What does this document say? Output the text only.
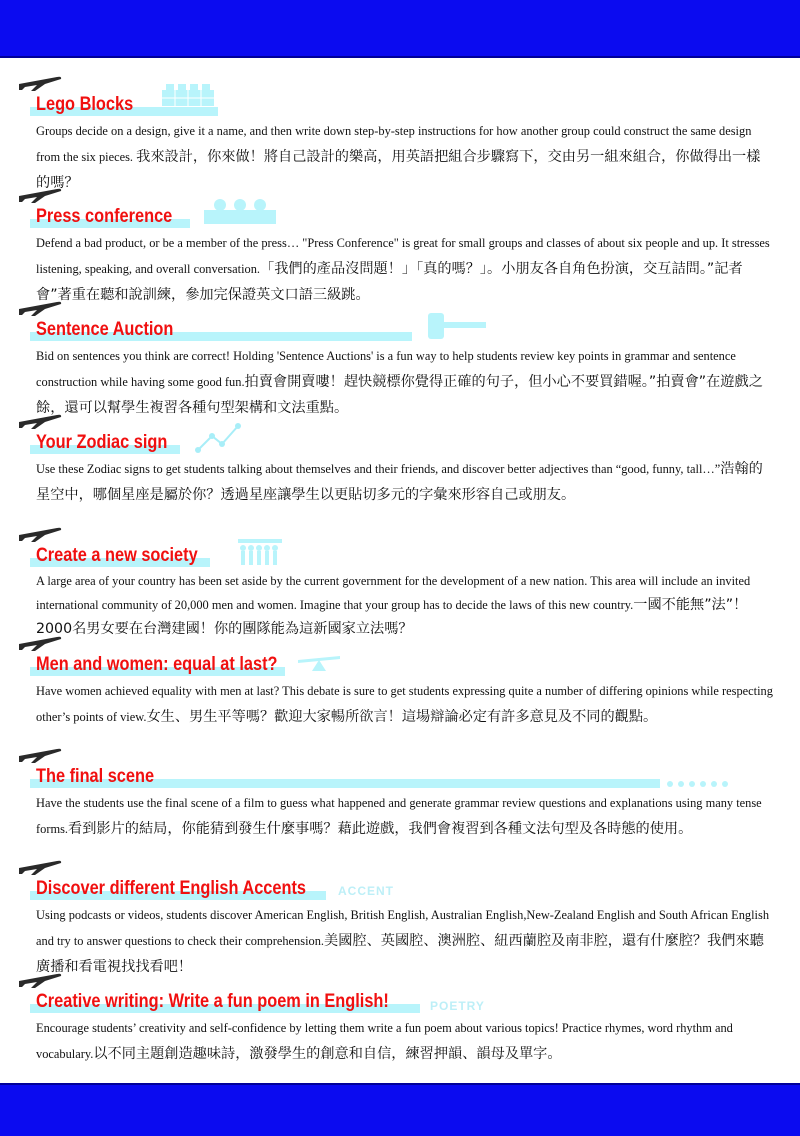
Lego Blocks
Groups decide on a design, give it a name, and then write down step-by-step instructions for how another group could construct the same design from the six pieces. 我來設計，你來做！將自己設計的樂高，用英語把組合步驟寫下，交由另一組來組合，你做得出一樣的嗎？
Press conference
Defend a bad product, or be a member of the press… "Press Conference" is great for small groups and classes of about six people and up. It stresses listening, speaking, and overall conversation.「我們的產品沒問題！」「真的嗎？」。小朋友各自角色扮演，交互詰問。”記者會”著重在聽和說訓練，參加完保證英文口語三級跳。
Sentence Auction
Bid on sentences you think are correct! Holding 'Sentence Auctions' is a fun way to help students review key points in grammar and sentence construction while having some good fun.拍賣會開賣嘍！趕快競標你覺得正確的句子，但小心不要買錯喔。”拍賣會”在遊戲之餘，還可以幫學生複習各種句型架構和文法重點。
Your Zodiac sign
Use these Zodiac signs to get students talking about themselves and their friends, and discover better adjectives than “good, funny, tall…”浩翰的星空中，哪個星座是屬於你？透過星座讓學生以更貼切多元的字彙來形容自己或朋友。
Create a new society
A large area of your country has been set aside by the current government for the development of a new nation. This area will include an invited international community of 20,000 men and women. Imagine that your group has to decide the laws of this new country.一國不能無”法”！2000名男女要在台灣建國！你的團隊能為這新國家立法嗎？
Men and women: equal at last?
Have women achieved equality with men at last? This debate is sure to get students expressing quite a number of differing opinions while respecting other’s points of view.女生、男生平等嗎？歡迎大家暢所欲言！這場辯論必定有許多意見及不同的觀點。
The final scene
Have the students use the final scene of a film to guess what happened and generate grammar review questions and explanations using many tense forms.看到影片的結局，你能猜到發生什麼事嗎？藉此遊戲，我們會複習到各種文法句型及各時態的使用。
ACCENT
Discover different English Accents
Using podcasts or videos, students discover American English, British English, Australian English,New-Zealand English and South African English and try to answer questions to check their comprehension.美國腔、英國腔、澳洲腔、紐西蘭腔及南非腔，還有什麼腔？我們來聽廣播和看電視找找看吧！
POETRY
Creative writing: Write a fun poem in English!
Encourage students’ creativity and self-confidence by letting them write a fun poem about various topics! Practice rhymes, word rhythm and vocabulary.以不同主題創造趣味詩，激發學生的創意和自信，練習押韻、韻母及單字。
